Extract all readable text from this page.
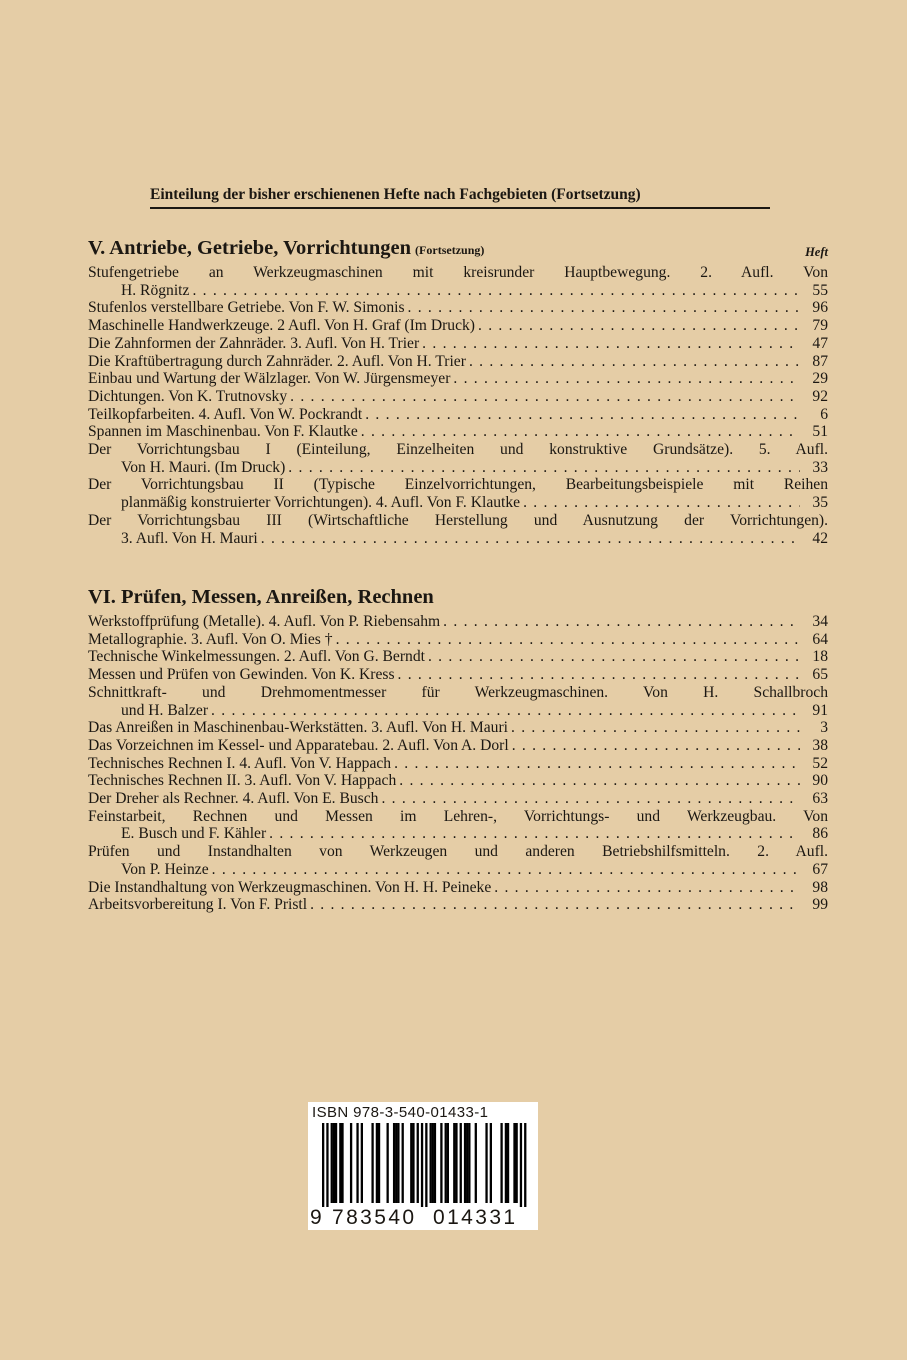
Einteilung der bisher erschienenen Hefte nach Fachgebieten (Fortsetzung)
V. Antriebe, Getriebe, Vorrichtungen (Fortsetzung)	Heft
Stufengetriebe an Werkzeugmaschinen mit kreisrunder Hauptbewegung. 2. Aufl. Von
H. Rögnitz . . .	55
Stufenlos verstellbare Getriebe. Von F. W. Simonis . . .	96
Maschinelle Handwerkzeuge. 2 Aufl. Von H. Graf (Im Druck) . . .	79
Die Zahnformen der Zahnräder. 3. Aufl. Von H. Trier . . .	47
Die Kraftübertragung durch Zahnräder. 2. Aufl. Von H. Trier . . .	87
Einbau und Wartung der Wälzlager. Von W. Jürgensmeyer . . .	29
Dichtungen. Von K. Trutnovsky . . .	92
Teilkopfarbeiten. 4. Aufl. Von W. Pockrandt . . .	6
Spannen im Maschinenbau. Von F. Klautke . . .	51
Der Vorrichtungsbau I (Einteilung, Einzelheiten und konstruktive Grundsätze). 5. Aufl.
Von H. Mauri. (Im Druck) . . .	33
Der Vorrichtungsbau II (Typische Einzelvorrichtungen, Bearbeitungsbeispiele mit Reihen
planmäßig konstruierter Vorrichtungen). 4. Aufl. Von F. Klautke . . .	35
Der Vorrichtungsbau III (Wirtschaftliche Herstellung und Ausnutzung der Vorrichtungen).
3. Aufl. Von H. Mauri . . .	42
VI. Prüfen, Messen, Anreißen, Rechnen
Werkstoffprüfung (Metalle). 4. Aufl. Von P. Riebensahm . . .	34
Metallographie. 3. Aufl. Von O. Mies † . . .	64
Technische Winkelmessungen. 2. Aufl. Von G. Berndt . . .	18
Messen und Prüfen von Gewinden. Von K. Kress . . .	65
Schnittkraft- und Drehmomentmesser für Werkzeugmaschinen. Von H. Schallbroch
und H. Balzer . . .	91
Das Anreißen in Maschinenbau-Werkstätten. 3. Aufl. Von H. Mauri . . .	3
Das Vorzeichnen im Kessel- und Apparatebau. 2. Aufl. Von A. Dorl . . .	38
Technisches Rechnen I. 4. Aufl. Von V. Happach . . .	52
Technisches Rechnen II. 3. Aufl. Von V. Happach . . .	90
Der Dreher als Rechner. 4. Aufl. Von E. Busch . . .	63
Feinstarbeit, Rechnen und Messen im Lehren-, Vorrichtungs- und Werkzeugbau. Von
E. Busch und F. Kähler . . .	86
Prüfen und Instandhalten von Werkzeugen und anderen Betriebshilfsmitteln. 2. Aufl.
Von P. Heinze . . .	67
Die Instandhaltung von Werkzeugmaschinen. Von H. H. Peineke . . .	98
Arbeitsvorbereitung I. Von F. Pristl . . .	99
ISBN 978-3-540-01433-1
9 783540 014331
